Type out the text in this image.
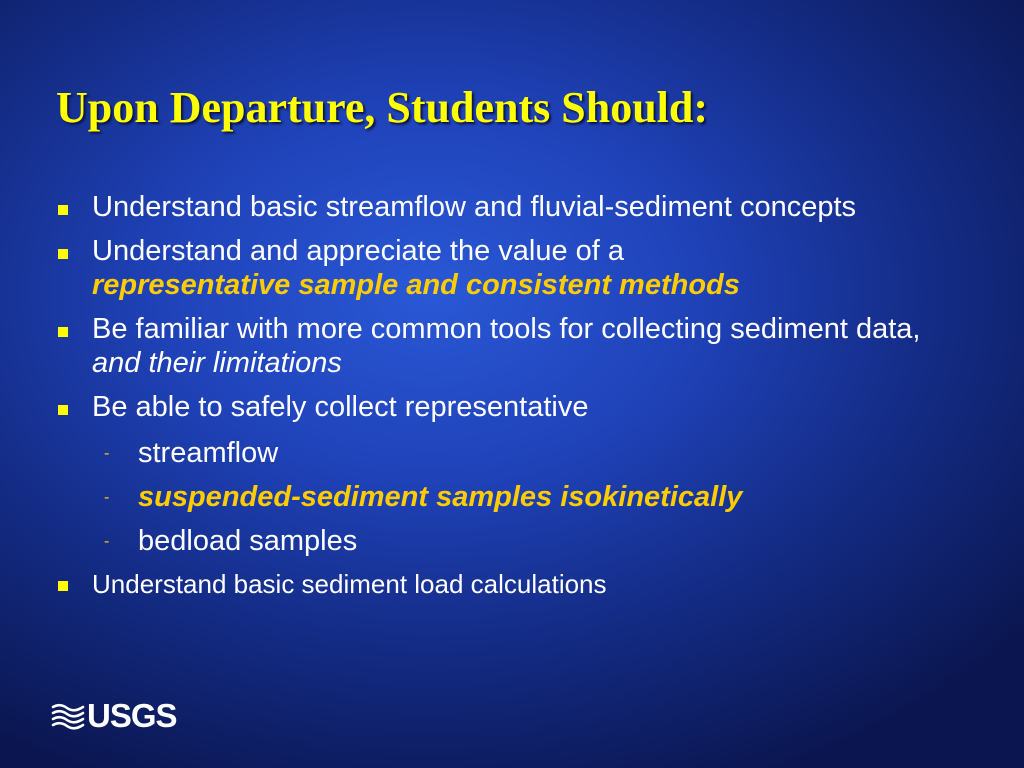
Upon Departure, Students Should:
Understand basic streamflow and fluvial-sediment concepts
Understand and appreciate the value of a
representative sample and consistent methods
Be familiar with more common tools for collecting sediment data, and their limitations
Be able to safely collect representative
- streamflow
- suspended-sediment samples isokinetically
- bedload samples
Understand basic sediment load calculations
USGS
